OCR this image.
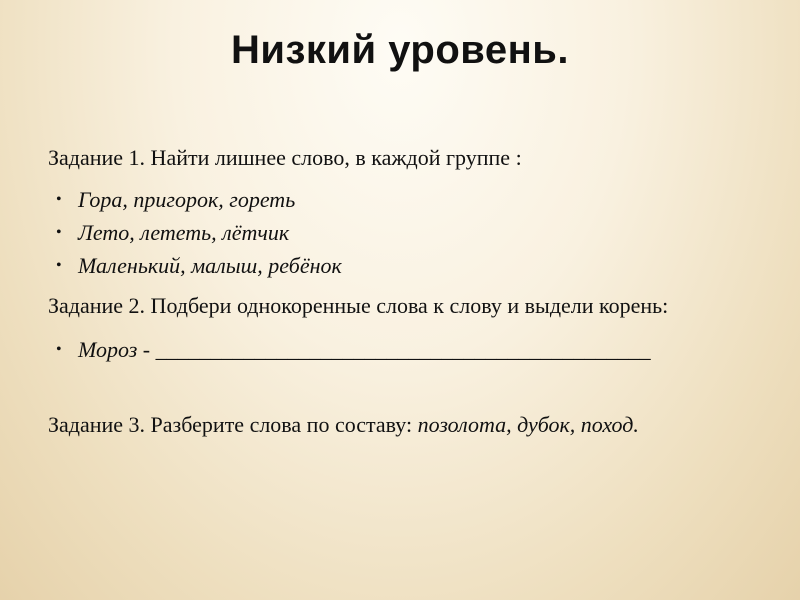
Низкий уровень.

Задание 1. Найти лишнее слово, в каждой группе :

• Гора, пригорок, гореть
• Лето, лететь, лётчик
• Маленький, малыш, ребёнок

Задание 2. Подбери однокоренные слова к слову и выдели корень:

• Мороз - _____________________________________________

Задание 3. Разберите слова по составу: позолота, дубок, поход.
